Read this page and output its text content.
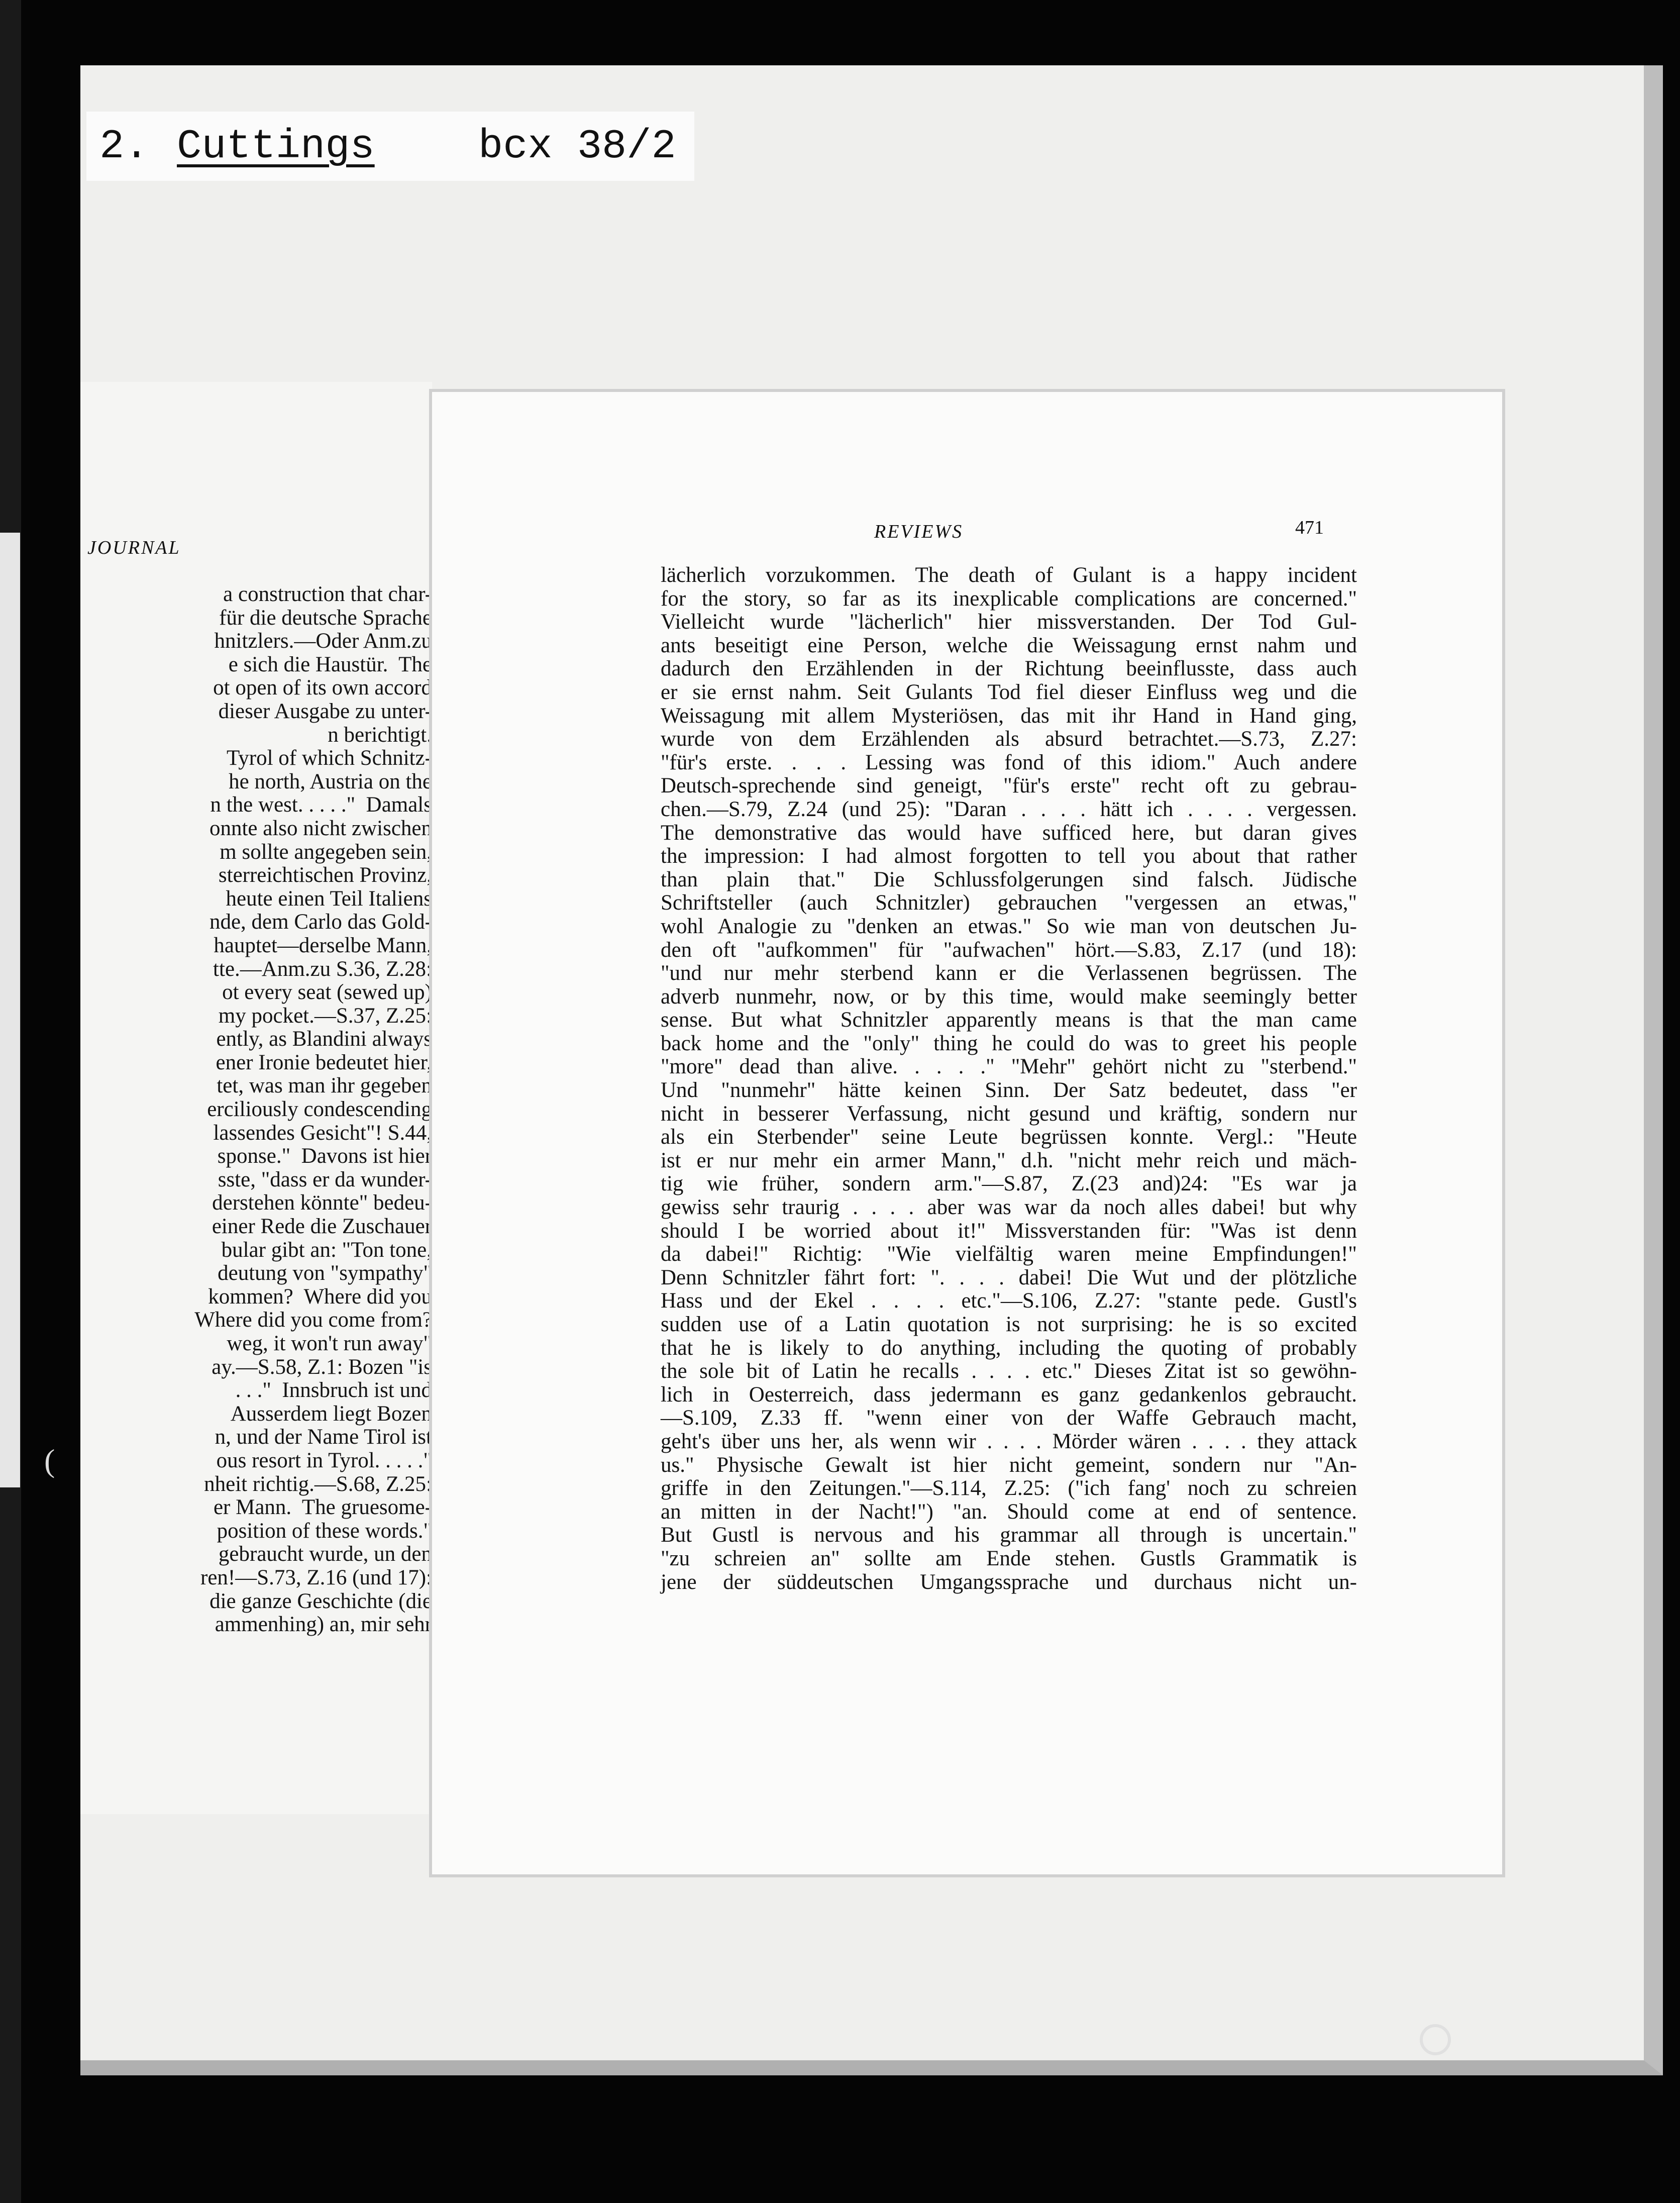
2. Cuttings	bcx 38/2
JOURNAL
a construction that char-
für die deutsche Sprache
hnitzlers.—Oder Anm.zu
e sich die Haustür.  The
ot open of its own accord
dieser Ausgabe zu unter-
n berichtigt.
Tyrol of which Schnitz-
he north, Austria on the
n the west. . . . ."  Damals
onnte also nicht zwischen
m sollte angegeben sein,
sterreichtischen Provinz,
heute einen Teil Italiens
nde, dem Carlo das Gold-
hauptet—derselbe Mann,
tte.—Anm.zu S.36, Z.28:
ot every seat (sewed up)
my pocket.—S.37, Z.25:
ently, as Blandini always
ener Ironie bedeutet hier,
tet, was man ihr gegeben
erciliously condescending
lassendes Gesicht"! S.44,
sponse."  Davons ist hier
sste, "dass er da wunder-
derstehen könnte" bedeu-
einer Rede die Zuschauer
bular gibt an: "Ton tone,
deutung von "sympathy"
kommen?  Where did you
Where did you come from?
weg, it won't run away"
ay.—S.58, Z.1: Bozen "is
. . ."  Innsbruch ist und
Ausserdem liegt Bozen
n, und der Name Tirol ist
ous resort in Tyrol. . . . ."
nheit richtig.—S.68, Z.25:
er Mann.  The gruesome-
position of these words."
gebraucht wurde, un den
ren!—S.73, Z.16 (und 17):
die ganze Geschichte (die
ammenhing) an, mir sehr
REVIEWS	471
lächerlich vorzukommen. The death of Gulant is a happy incident
for the story, so far as its inexplicable complications are concerned."
Vielleicht wurde "lächerlich" hier missverstanden. Der Tod Gul-
ants beseitigt eine Person, welche die Weissagung ernst nahm und
dadurch den Erzählenden in der Richtung beeinflusste, dass auch
er sie ernst nahm. Seit Gulants Tod fiel dieser Einfluss weg und die
Weissagung mit allem Mysteriösen, das mit ihr Hand in Hand ging,
wurde von dem Erzählenden als absurd betrachtet.—S.73, Z.27:
"für's erste. . . . Lessing was fond of this idiom." Auch andere
Deutsch-sprechende sind geneigt, "für's erste" recht oft zu gebrau-
chen.—S.79, Z.24 (und 25): "Daran . . . . hätt ich . . . . vergessen.
The demonstrative das would have sufficed here, but daran gives
the impression: I had almost forgotten to tell you about that rather
than plain that." Die Schlussfolgerungen sind falsch. Jüdische
Schriftsteller (auch Schnitzler) gebrauchen "vergessen an etwas,"
wohl Analogie zu "denken an etwas." So wie man von deutschen Ju-
den oft "aufkommen" für "aufwachen" hört.—S.83, Z.17 (und 18):
"und nur mehr sterbend kann er die Verlassenen begrüssen. The
adverb nunmehr, now, or by this time, would make seemingly better
sense. But what Schnitzler apparently means is that the man came
back home and the "only" thing he could do was to greet his people
"more" dead than alive. . . . ." "Mehr" gehört nicht zu "sterbend."
Und "nunmehr" hätte keinen Sinn. Der Satz bedeutet, dass "er
nicht in besserer Verfassung, nicht gesund und kräftig, sondern nur
als ein Sterbender" seine Leute begrüssen konnte. Vergl.: "Heute
ist er nur mehr ein armer Mann," d.h. "nicht mehr reich und mäch-
tig wie früher, sondern arm."—S.87, Z.(23 and)24: "Es war ja
gewiss sehr traurig . . . . aber was war da noch alles dabei! but why
should I be worried about it!" Missverstanden für: "Was ist denn
da dabei!" Richtig: "Wie vielfältig waren meine Empfindungen!"
Denn Schnitzler fährt fort: ". . . . dabei! Die Wut und der plötzliche
Hass und der Ekel . . . . etc."—S.106, Z.27: "stante pede. Gustl's
sudden use of a Latin quotation is not surprising: he is so excited
that he is likely to do anything, including the quoting of probably
the sole bit of Latin he recalls . . . . etc." Dieses Zitat ist so gewöhn-
lich in Oesterreich, dass jedermann es ganz gedankenlos gebraucht.
—S.109, Z.33 ff. "wenn einer von der Waffe Gebrauch macht,
geht's über uns her, als wenn wir . . . . Mörder wären . . . . they attack
us." Physische Gewalt ist hier nicht gemeint, sondern nur "An-
griffe in den Zeitungen."—S.114, Z.25: ("ich fang' noch zu schreien
an mitten in der Nacht!") "an. Should come at end of sentence.
But Gustl is nervous and his grammar all through is uncertain."
"zu schreien an" sollte am Ende stehen. Gustls Grammatik is
jene der süddeutschen Umgangssprache und durchaus nicht un-
(
